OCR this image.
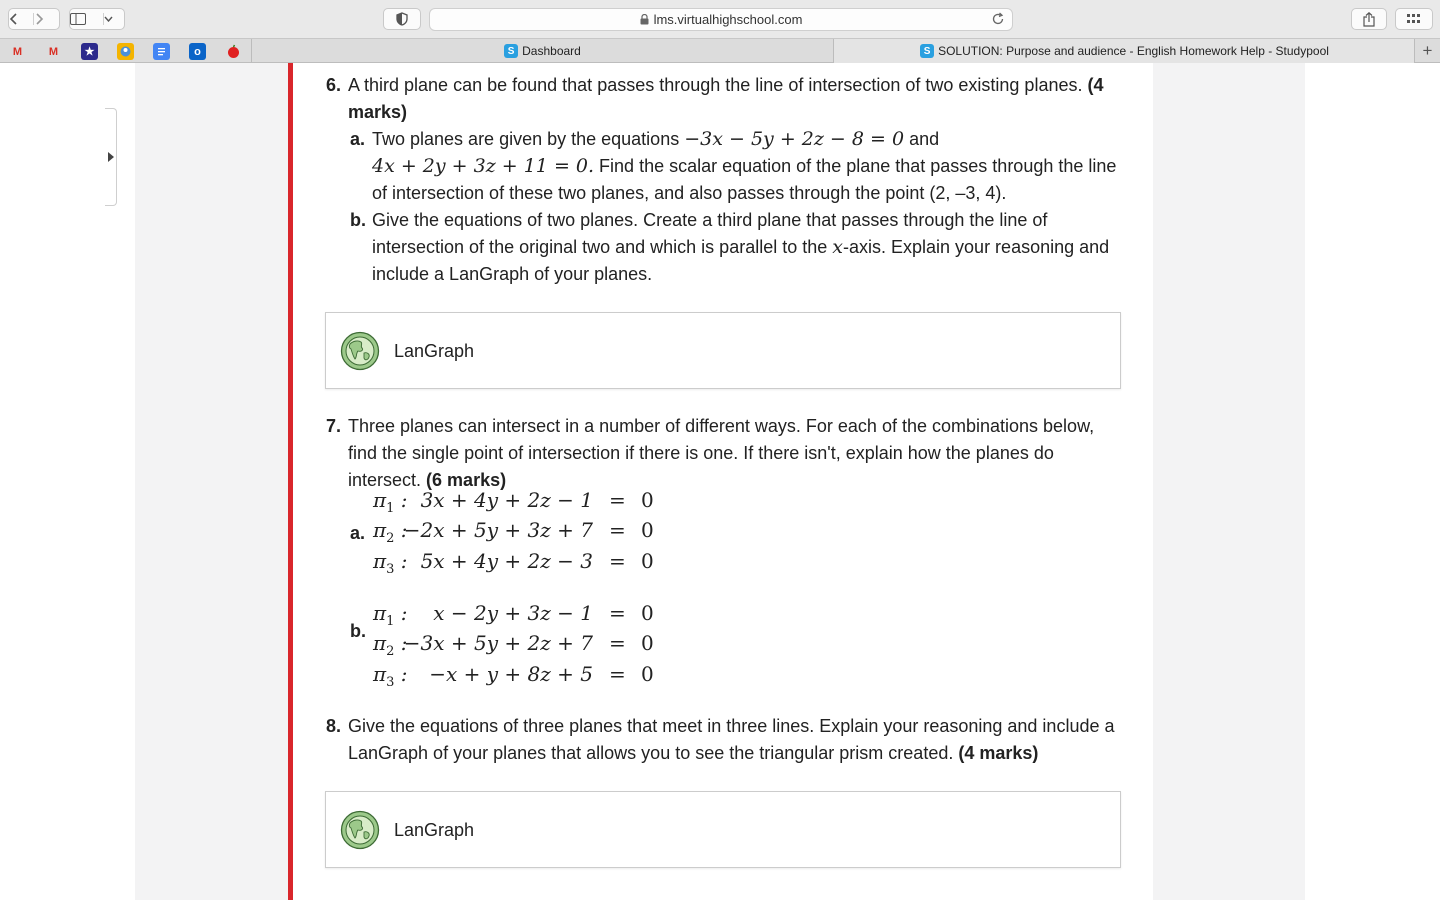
lms.virtualhighschool.com
M	M	★	o	S Dashboard	S SOLUTION: Purpose and audience - English Homework Help - Studypool	+
6. A third plane can be found that passes through the line of intersection of two existing planes. (4 marks)
a. Two planes are given by the equations −3x − 5y + 2z − 8 = 0 and
4x + 2y + 3z + 11 = 0. Find the scalar equation of the plane that passes through the line of intersection of these two planes, and also passes through the point (2, –3, 4).
b. Give the equations of two planes. Create a third plane that passes through the line of intersection of the original two and which is parallel to the x-axis. Explain your reasoning and include a LanGraph of your planes.
LanGraph
7. Three planes can intersect in a number of different ways. For each of the combinations below, find the single point of intersection if there is one. If there isn't, explain how the planes do intersect. (6 marks)
a.
$\pi_1$ : 3x + 4y + 2z − 1 = 0
$\pi_2$ :
−2x + 5y + 3z + 7 = 0
$\pi_3$ : 5x + 4y + 2z − 3 = 0
b.
$\pi_1$ : x − 2y + 3z − 1 = 0
$\pi_2$ :
−3x + 5y + 2z + 7 = 0
$\pi_3$ : −x + y + 8z + 5 = 0
8. Give the equations of three planes that meet in three lines. Explain your reasoning and include a LanGraph of your planes that allows you to see the triangular prism created. (4 marks)
LanGraph
